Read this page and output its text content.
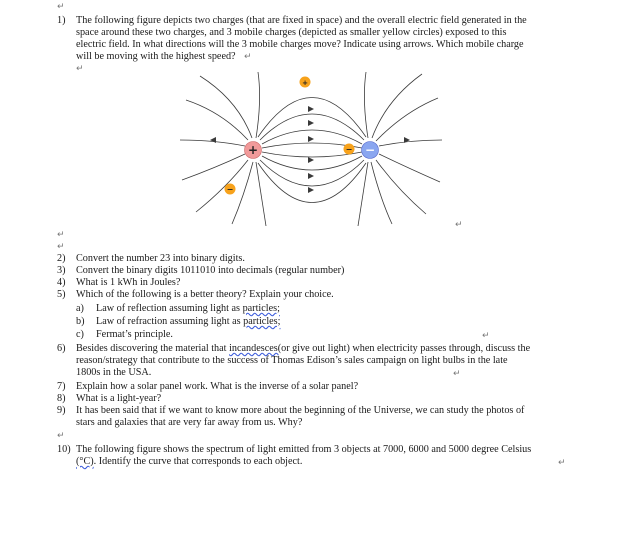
↵
1) The following figure depicts two charges (that are fixed in space) and the overall electric field generated in the
space around these two charges, and 3 mobile charges (depicted as smaller yellow circles) exposed to this
electric field. In what directions will the 3 mobile charges move? Indicate using arrows. Which mobile charge
will be moving with the highest speed? ↵
↵
+	−
+
−
−
↵
↵
↵
2) Convert the number 23 into binary digits.
3) Convert the binary digits 1011010 into decimals (regular number)
4) What is 1 kWh in Joules?
5) Which of the following is a better theory? Explain your choice.
a) Law of reflection assuming light as particles;
b) Law of refraction assuming light as particles;
c) Fermat’s principle.	↵
6) Besides discovering the material that incandesces(or give out light) when electricity passes through, discuss the
reason/strategy that contribute to the success of Thomas Edison’s sales campaign on light bulbs in the late
1800s in the USA.	↵
7) Explain how a solar panel work. What is the inverse of a solar panel?
8) What is a light-year?
9) It has been said that if we want to know more about the beginning of the Universe, we can study the photos of
stars and galaxies that are very far away from us. Why?
↵
10) The following figure shows the spectrum of light emitted from 3 objects at 7000, 6000 and 5000 degree Celsius
(°C). Identify the curve that corresponds to each object.	↵
